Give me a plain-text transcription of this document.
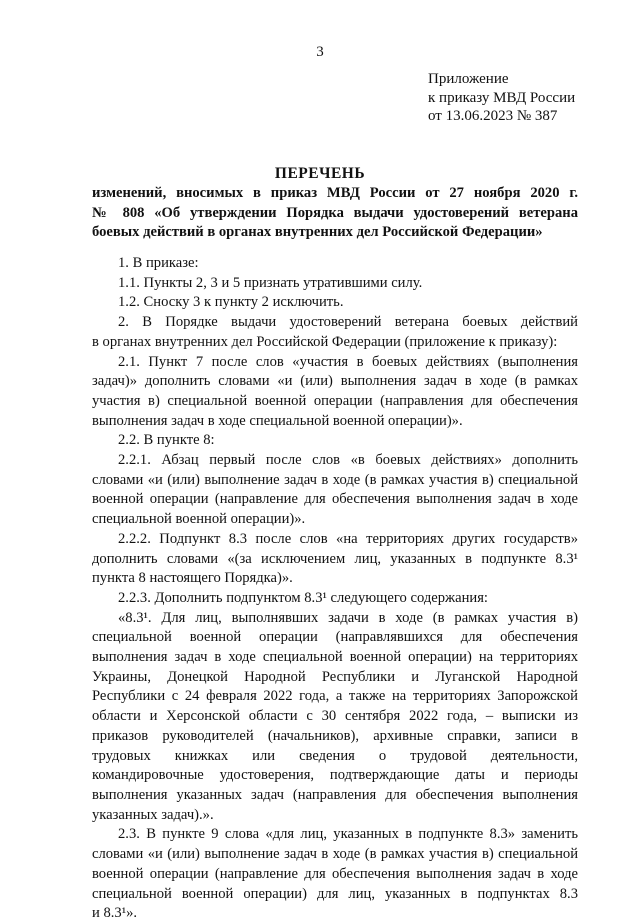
3
Приложение
к приказу МВД России
от 13.06.2023 № 387
ПЕРЕЧЕНЬ
изменений, вносимых в приказ МВД России от 27 ноября 2020 г.
№ 808 «Об утверждении Порядка выдачи удостоверений ветерана
боевых действий в органах внутренних дел Российской Федерации»
1. В приказе:
1.1. Пункты 2, 3 и 5 признать утратившими силу.
1.2. Сноску 3 к пункту 2 исключить.
2. В Порядке выдачи удостоверений ветерана боевых действий
в органах внутренних дел Российской Федерации (приложение к приказу):
2.1. Пункт 7 после слов «участия в боевых действиях (выполнения
задач)» дополнить словами «и (или) выполнения задач в ходе (в рамках
участия в) специальной военной операции (направления для обеспечения
выполнения задач в ходе специальной военной операции)».
2.2. В пункте 8:
2.2.1. Абзац первый после слов «в боевых действиях» дополнить
словами «и (или) выполнение задач в ходе (в рамках участия в) специальной
военной операции (направление для обеспечения выполнения задач в ходе
специальной военной операции)».
2.2.2. Подпункт 8.3 после слов «на территориях других государств»
дополнить словами «(за исключением лиц, указанных в подпункте 8.3¹
пункта 8 настоящего Порядка)».
2.2.3. Дополнить подпунктом 8.3¹ следующего содержания:
«8.3¹. Для лиц, выполнявших задачи в ходе (в рамках участия в)
специальной военной операции (направлявшихся для обеспечения
выполнения задач в ходе специальной военной операции) на территориях
Украины, Донецкой Народной Республики и Луганской Народной
Республики с 24 февраля 2022 года, а также на территориях Запорожской
области и Херсонской области с 30 сентября 2022 года, – выписки из
приказов руководителей (начальников), архивные справки, записи в
трудовых книжках или сведения о трудовой деятельности,
командировочные удостоверения, подтверждающие даты и периоды
выполнения указанных задач (направления для обеспечения выполнения
указанных задач).».
2.3. В пункте 9 слова «для лиц, указанных в подпункте 8.3» заменить
словами «и (или) выполнение задач в ходе (в рамках участия в) специальной
военной операции (направление для обеспечения выполнения задач в ходе
специальной военной операции) для лиц, указанных в подпунктах 8.3
и 8.3¹».
